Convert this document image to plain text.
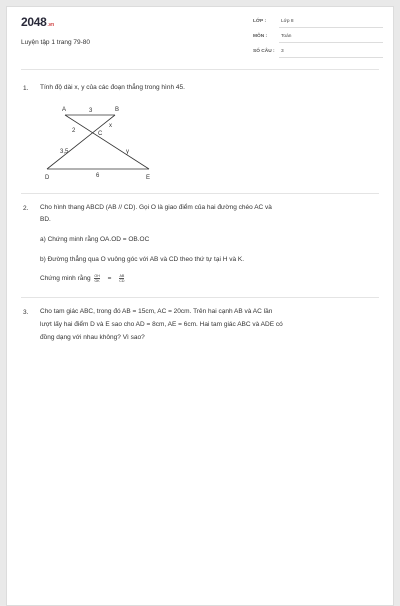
2048.vn
Luyện tập 1 trang 79-80
LỚP :	Lớp 8
MÔN :	Toán
SỐ CÂU : 3
1. Tính độ dài x, y của các đoạn thẳng trong hình 45.
A	B
C
D	E
3
2
x
3,5	y
6
2. Cho hình thang ABCD (AB // CD). Gọi O là giao điểm của hai đường chéo AC và
BD.
a) Chứng minh rằng OA.OD = OB.OC
b) Đường thẳng qua O vuông góc với AB và CD theo thứ tự tại H và K.
Chứng minh rằng $\frac{OH}{OK} = \frac{AB}{CD}$
3. Cho tam giác ABC, trong đó AB = 15cm, AC = 20cm. Trên hai cạnh AB và AC lần
lượt lấy hai điểm D và E sao cho AD = 8cm, AE = 6cm. Hai tam giác ABC và ADE có
đồng dạng với nhau không? Vì sao?
